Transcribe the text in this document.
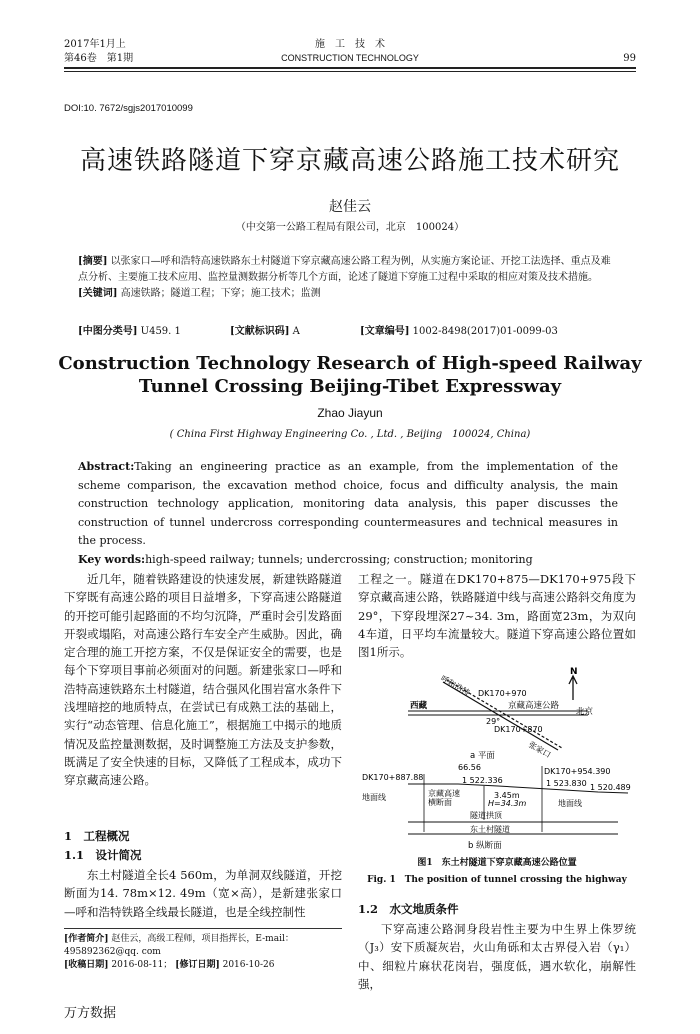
2017年1月上
第46卷　第1期
施　工　技　术
CONSTRUCTION TECHNOLOGY	99
DOI:10. 7672/sgjs2017010099
高速铁路隧道下穿京藏高速公路施工技术研究
赵佳云
（中交第一公路工程局有限公司，北京　100024）
[摘要] 以张家口—呼和浩特高速铁路东土村隧道下穿京藏高速公路工程为例，从实施方案论证、开挖工法选择、重点及难点分析、主要施工技术应用、监控量测数据分析等几个方面，论述了隧道下穿施工过程中采取的相应对策及技术措施。
[关键词] 高速铁路；隧道工程；下穿；施工技术；监测
[中图分类号] U459. 1	[文献标识码] A	[文章编号] 1002-8498(2017)01-0099-03
Construction Technology Research of High-speed Railway
Tunnel Crossing Beijing-Tibet Expressway
Zhao Jiayun
( China First Highway Engineering Co. , Ltd. , Beijing　100024, China)
Abstract:Taking an engineering practice as an example, from the implementation of the scheme comparison, the excavation method choice, focus and difficulty analysis, the main construction technology application, monitoring data analysis, this paper discusses the construction of tunnel undercross corresponding countermeasures and technical measures in the process.
Key words:high-speed railway; tunnels; undercrossing; construction; monitoring
近几年，随着铁路建设的快速发展，新建铁路隧道下穿既有高速公路的项目日益增多，下穿高速公路隧道的开挖可能引起路面的不均匀沉降，严重时会引发路面开裂或塌陷，对高速公路行车安全产生威胁。因此，确定合理的施工开挖方案，不仅是保证安全的需要，也是每个下穿项目事前必须面对的问题。新建张家口—呼和浩特高速铁路东土村隧道，结合强风化围岩富水条件下浅埋暗挖的地质特点，在尝试已有成熟工法的基础上，实行“动态管理、信息化施工”，根据施工中揭示的地质情况及监控量测数据，及时调整施工方法及支护参数，既满足了安全快速的目标，又降低了工程成本，成功下穿京藏高速公路。
1　工程概况
1.1　设计简况
东土村隧道全长4 560m，为单洞双线隧道，开挖断面为14. 78m×12. 49m（宽×高），是新建张家口—呼和浩特铁路全线最长隧道，也是全线控制性
[作者简介] 赵佳云，高级工程师，项目指挥长，E-mail：495892362@qq. com
[收稿日期] 2016-08-11； [修订日期] 2016-10-26
工程之一。隧道在DK170+875—DK170+975段下穿京藏高速公路，铁路隧道中线与高速公路斜交角度为29°，下穿段埋深27~34. 3m，路面宽23m，为双向4车道，日平均车流量较大。隧道下穿高速公路位置如图1所示。
N
西藏	京藏高速公路
北京
呼和浩特 DK170+970
29°
DK170+870
张家口
a 平面
66.56
DK170+887.88
DK170+954.390
1 522.336	1 523.830 1 520.489
地面线	京藏高速
横断面	H=34.3m
3.45m
地面线
隧道拱顶
东土村隧道
b 纵断面
图1　东土村隧道下穿京藏高速公路位置
Fig. 1　The position of tunnel crossing the highway
1.2　水文地质条件
下穿高速公路洞身段岩性主要为中生界上侏罗统（J₃）安下质凝灰岩，火山角砾和太古界侵入岩（γ₁）中、细粒片麻状花岗岩，强度低，遇水软化，崩解性强，
万方数据
